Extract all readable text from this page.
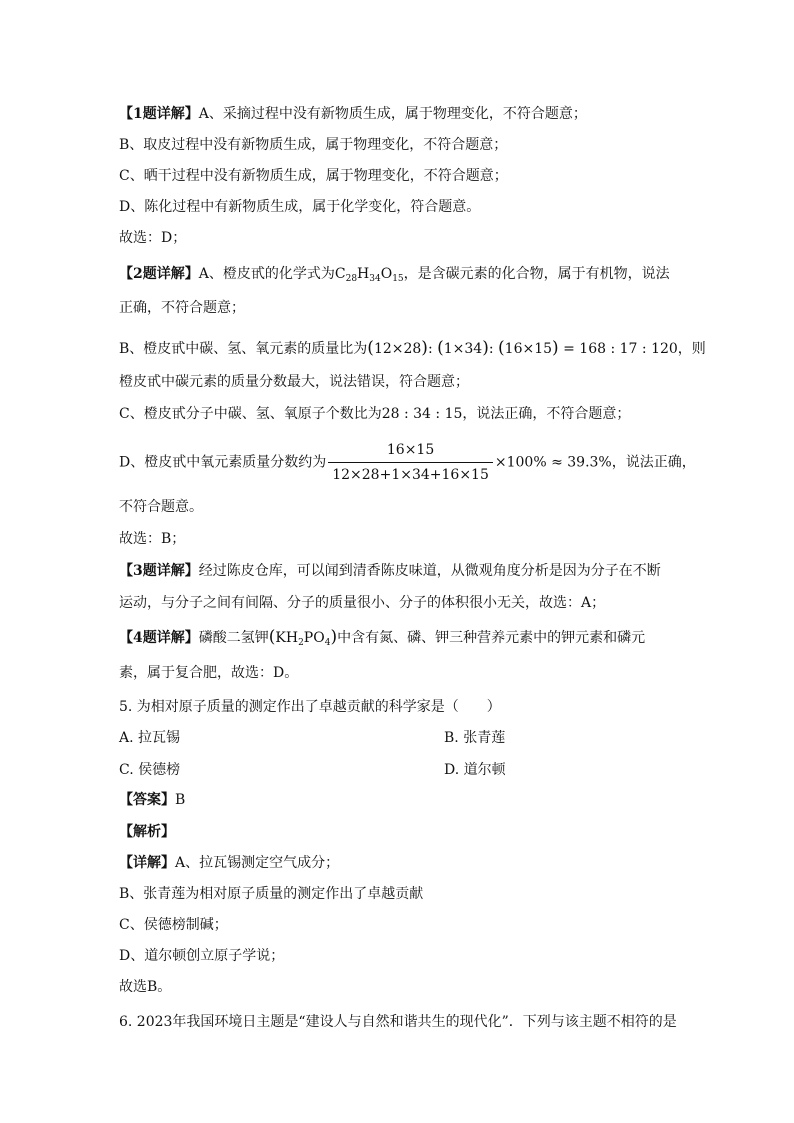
【1题详解】A、采摘过程中没有新物质生成，属于物理变化，不符合题意；
B、取皮过程中没有新物质生成，属于物理变化，不符合题意；
C、晒干过程中没有新物质生成，属于物理变化，不符合题意；
D、陈化过程中有新物质生成，属于化学变化，符合题意。
故选：D；
【2题详解】A、橙皮甙的化学式为$C_{28}H_{34}O_{15}$，是含碳元素的化合物，属于有机物，说法
正确，不符合题意；
B、橙皮甙中碳、氢、氧元素的质量比为(12×28): (1×34): (16×15) = 168 : 17 : 120，则
橙皮甙中碳元素的质量分数最大，说法错误，符合题意；
C、橙皮甙分子中碳、氢、氧原子个数比为28 : 34 : 15，说法正确，不符合题意；
D、橙皮甙中氧元素质量分数约为 $\frac{16\times 15}{12\times 28+1\times 34+16\times 15} \times 100\% \approx 39.3\%$，说法正确，
不符合题意。
故选：B；
【3题详解】经过陈皮仓库，可以闻到清香陈皮味道，从微观角度分析是因为分子在不断
运动，与分子之间有间隔、分子的质量很小、分子的体积很小无关，故选：A；
【4题详解】磷酸二氢钾$(KH_2PO_4)$中含有氮、磷、钾三种营养元素中的钾元素和磷元
素，属于复合肥，故选：D。
5. 为相对原子质量的测定作出了卓越贡献的科学家是（　　）
A. 拉瓦锡	B. 张青莲
C. 侯德榜	D. 道尔顿
【答案】B
【解析】
【详解】A、拉瓦锡测定空气成分；
B、张青莲为相对原子质量的测定作出了卓越贡献
C、侯德榜制碱；
D、道尔顿创立原子学说；
故选B。
6. 2023年我国环境日主题是“建设人与自然和谐共生的现代化”．下列与该主题不相符的是
